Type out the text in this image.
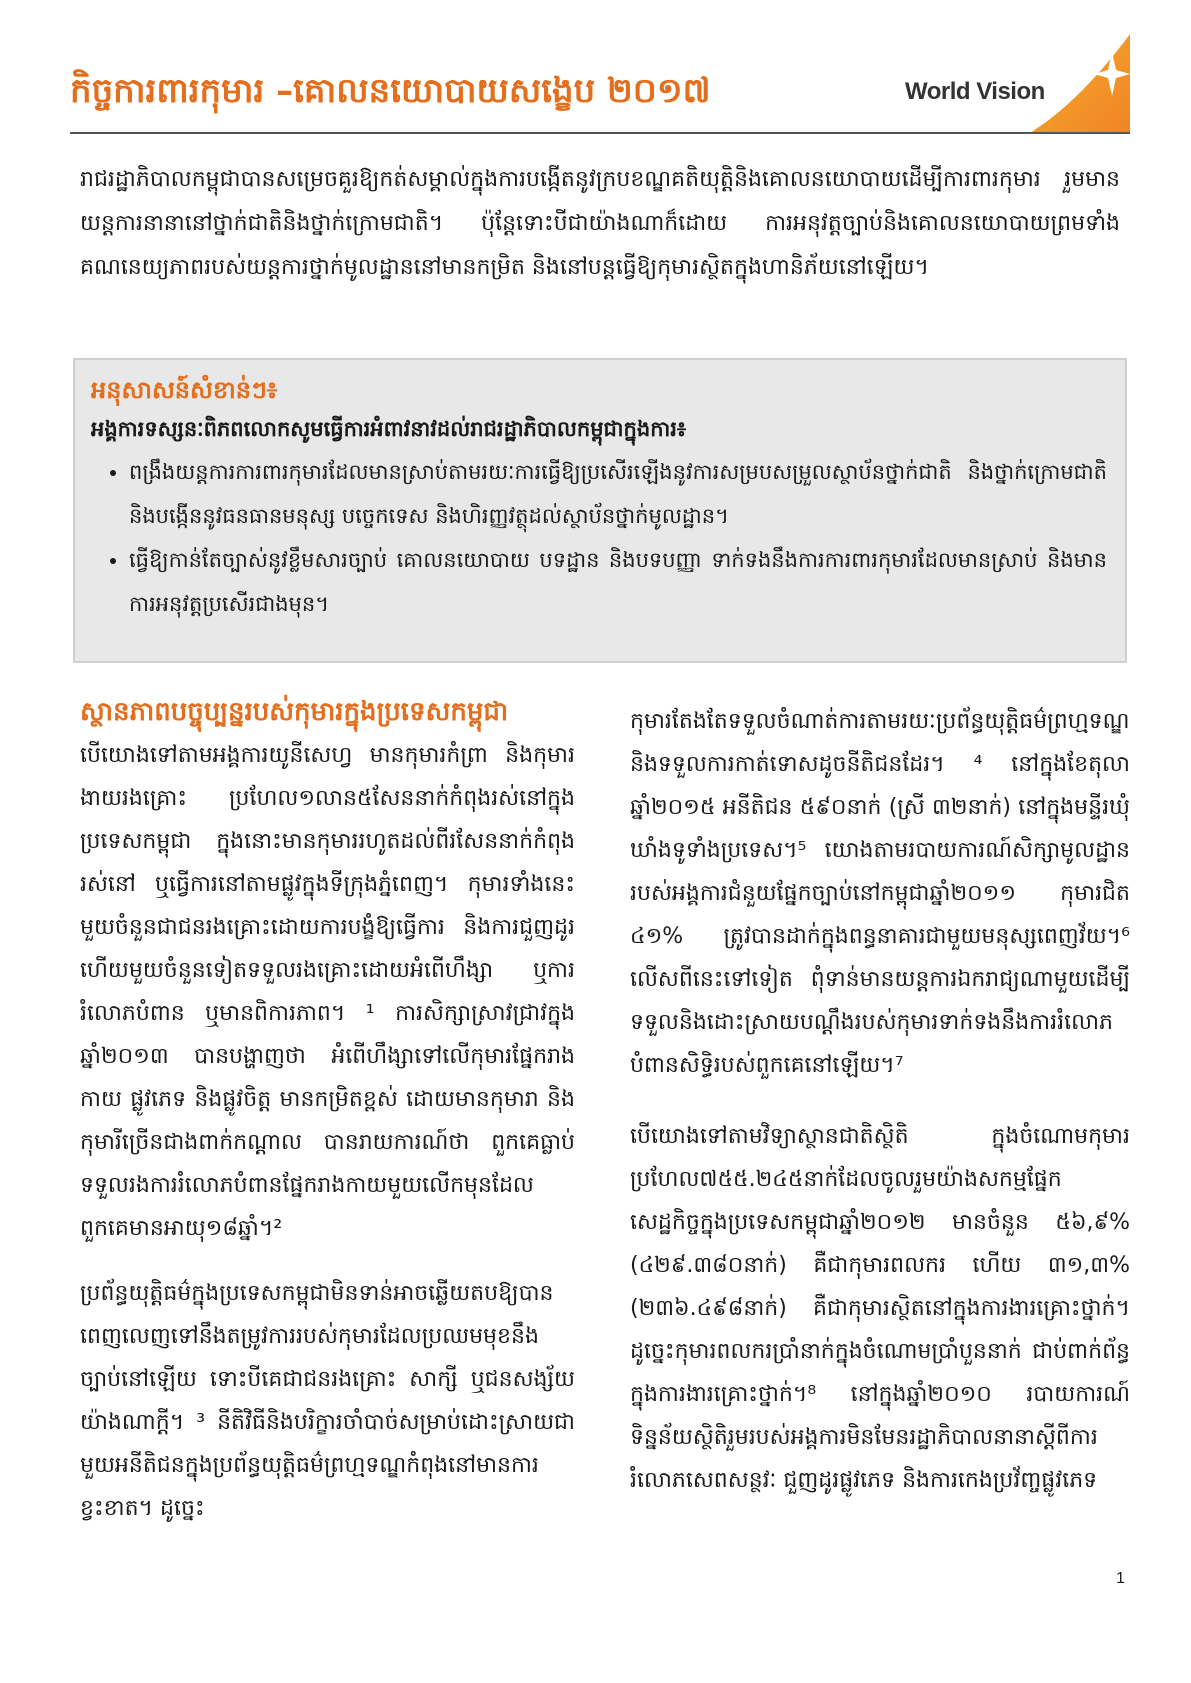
កិច្ចការពារកុមារ –គោលនយោបាយសង្ខេប ២០១៧	World Vision
រាជរដ្ឋាភិបាលកម្ពុជាបានសម្រេចគួរឱ្យកត់សម្គាល់ក្នុងការបង្កើតនូវក្របខណ្ឌគតិយុត្តិនិងគោលនយោបាយដើម្បីការពារកុមារ រួមមានយន្តការនានានៅថ្នាក់ជាតិនិងថ្នាក់ក្រោមជាតិ។ ប៉ុន្តែទោះបីជាយ៉ាងណាក៏ដោយ ការអនុវត្តច្បាប់និងគោលនយោបាយព្រមទាំងគណនេយ្យភាពរបស់យន្តការថ្នាក់មូលដ្ឋាននៅមានកម្រិត និងនៅបន្តធ្វើឱ្យកុមារស្ថិតក្នុងហានិភ័យនៅឡើយ។
អនុសាសន៍សំខាន់ៗ៖
អង្គការទស្សនៈពិភពលោកសូមធ្វើការអំពាវនាវដល់រាជរដ្ឋាភិបាលកម្ពុជាក្នុងការ៖
• ពង្រឹងយន្តការការពារកុមារដែលមានស្រាប់តាមរយៈការធ្វើឱ្យប្រសើរឡើងនូវការសម្របសម្រួលស្ថាប័នថ្នាក់ជាតិ និងថ្នាក់ក្រោមជាតិ និងបង្កើននូវធនធានមនុស្ស បច្ចេកទេស និងហិរញ្ញវត្ថុដល់ស្ថាប័នថ្នាក់មូលដ្ឋាន។
• ធ្វើឱ្យកាន់តែច្បាស់នូវខ្លឹមសារច្បាប់ គោលនយោបាយ បទដ្ឋាន និងបទបញ្ញា ទាក់ទងនឹងការការពារកុមារដែលមានស្រាប់ និងមានការអនុវត្តប្រសើរជាងមុន។
ស្ថានភាពបច្ចុប្បន្នរបស់កុមារក្នុងប្រទេសកម្ពុជា

បើយោងទៅតាមអង្គការយូនីសេហ្វ មានកុមារកំព្រា និងកុមារងាយរងគ្រោះ ប្រហែល១លាន៥សែននាក់កំពុងរស់នៅក្នុងប្រទេសកម្ពុជា ក្នុងនោះមានកុមាររហូតដល់ពីរសែននាក់កំពុងរស់នៅ ឬធ្វើការនៅតាមផ្លូវក្នុងទីក្រុងភ្នំពេញ។ កុមារទាំងនេះមួយចំនួនជាជនរងគ្រោះដោយការបង្ខំឱ្យធ្វើការ និងការជួញដូរ ហើយមួយចំនួនទៀតទទួលរងគ្រោះដោយអំពើហឹង្សា ឬការរំលោភបំពាន ឬមានពិការភាព។ ¹ ការសិក្សាស្រាវជ្រាវក្នុងឆ្នាំ២០១៣ បានបង្ហាញថា អំពើហឹង្សាទៅលើកុមារផ្នែករាងកាយ ផ្លូវភេទ និងផ្លូវចិត្ត មានកម្រិតខ្ពស់ ដោយមានកុមារា និងកុមារីច្រើនជាងពាក់កណ្តាល បានរាយការណ៍ថា ពួកគេធ្លាប់ទទួលរងការរំលោភបំពានផ្នែករាងកាយមួយលើកមុនដែលពួកគេមានអាយុ១៨ឆ្នាំ។²

ប្រព័ន្ធយុត្តិធម៌ក្នុងប្រទេសកម្ពុជាមិនទាន់អាចឆ្លើយតបឱ្យបានពេញលេញទៅនឹងតម្រូវការរបស់កុមារដែលប្រឈមមុខនឹងច្បាប់នៅឡើយ ទោះបីគេជាជនរងគ្រោះ សាក្សី ឬជនសង្ស័យយ៉ាងណាក្តី។ ³ នីតិវិធីនិងបរិក្ខារចាំបាច់សម្រាប់ដោះស្រាយជាមួយអនីតិជនក្នុងប្រព័ន្ធយុត្តិធម៌ព្រហ្មទណ្ឌកំពុងនៅមានការខ្វះខាត។ ដូច្នេះ

កុមារតែងតែទទួលចំណាត់ការតាមរយៈប្រព័ន្ធយុត្តិធម៌ព្រហ្មទណ្ឌ និងទទួលការកាត់ទោសដូចនីតិជនដែរ។ ⁴ នៅក្នុងខែតុលាឆ្នាំ២០១៥ អនីតិជន ៥៩០នាក់ (ស្រី ៣២នាក់) នៅក្នុងមន្ទីរឃុំឃាំងទូទាំងប្រទេស។⁵ យោងតាមរបាយការណ៍សិក្សាមូលដ្ឋានរបស់អង្គការជំនួយផ្នែកច្បាប់នៅកម្ពុជាឆ្នាំ២០១១ កុមារជិត ៤១% ត្រូវបានដាក់ក្នុងពន្ធនាគារជាមួយមនុស្សពេញវ័យ។⁶ លើសពីនេះទៅទៀត ពុំទាន់មានយន្តការឯករាជ្យណាមួយដើម្បីទទួលនិងដោះស្រាយបណ្តឹងរបស់កុមារទាក់ទងនឹងការរំលោភបំពានសិទ្ធិរបស់ពួកគេនៅឡើយ។⁷

បើយោងទៅតាមវិទ្យាស្ថានជាតិស្ថិតិ ក្នុងចំណោមកុមារប្រហែល៧៥៥.២៤៥នាក់ដែលចូលរួមយ៉ាងសកម្មផ្នែកសេដ្ឋកិច្ចក្នុងប្រទេសកម្ពុជាឆ្នាំ២០១២ មានចំនួន ៥៦,៩% (៤២៩.៣៨០នាក់) គឺជាកុមារពលករ ហើយ ៣១,៣% (២៣៦.៤៩៨នាក់) គឺជាកុមារស្ថិតនៅក្នុងការងារគ្រោះថ្នាក់។ ដូច្នេះកុមារពលករប្រាំនាក់ក្នុងចំណោមប្រាំបួននាក់ ជាប់ពាក់ព័ន្ធក្នុងការងារគ្រោះថ្នាក់។⁸ នៅក្នុងឆ្នាំ២០១០ របាយការណ៍ទិន្នន័យស្ថិតិរួមរបស់អង្គការមិនមែនរដ្ឋាភិបាលនានាស្តីពីការរំលោភសេពសន្ថវៈ ជួញដូរផ្លូវភេទ និងការកេងប្រវ័ញ្ចផ្លូវភេទ

1
